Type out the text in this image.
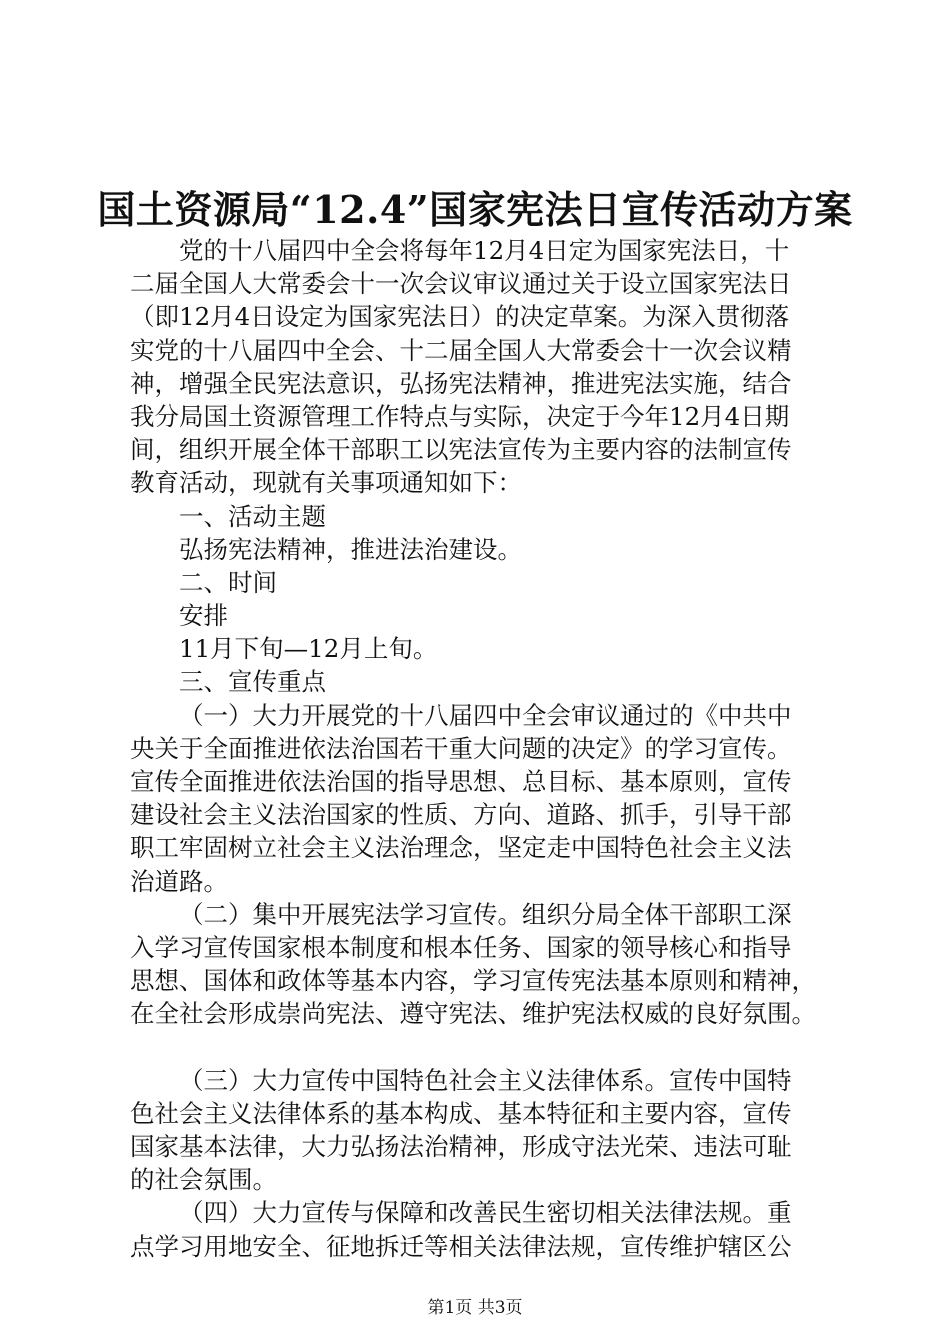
国土资源局“12.4”国家宪法日宣传活动方案
党的十八届四中全会将每年12月4日定为国家宪法日，十
二届全国人大常委会十一次会议审议通过关于设立国家宪法日
（即12月4日设定为国家宪法日）的决定草案。为深入贯彻落
实党的十八届四中全会、十二届全国人大常委会十一次会议精
神，增强全民宪法意识，弘扬宪法精神，推进宪法实施，结合
我分局国土资源管理工作特点与实际，决定于今年12月4日期
间，组织开展全体干部职工以宪法宣传为主要内容的法制宣传
教育活动，现就有关事项通知如下：
一、活动主题
弘扬宪法精神，推进法治建设。
二、时间
安排
11月下旬—12月上旬。
三、宣传重点
（一）大力开展党的十八届四中全会审议通过的《中共中
央关于全面推进依法治国若干重大问题的决定》的学习宣传。
宣传全面推进依法治国的指导思想、总目标、基本原则，宣传
建设社会主义法治国家的性质、方向、道路、抓手，引导干部
职工牢固树立社会主义法治理念，坚定走中国特色社会主义法
治道路。
（二）集中开展宪法学习宣传。组织分局全体干部职工深
入学习宣传国家根本制度和根本任务、国家的领导核心和指导
思想、国体和政体等基本内容，学习宣传宪法基本原则和精神，
在全社会形成崇尚宪法、遵守宪法、维护宪法权威的良好氛围。
（三）大力宣传中国特色社会主义法律体系。宣传中国特
色社会主义法律体系的基本构成、基本特征和主要内容，宣传
国家基本法律，大力弘扬法治精神，形成守法光荣、违法可耻
的社会氛围。
（四）大力宣传与保障和改善民生密切相关法律法规。重
点学习用地安全、征地拆迁等相关法律法规，宣传维护辖区公
第1页 共3页
